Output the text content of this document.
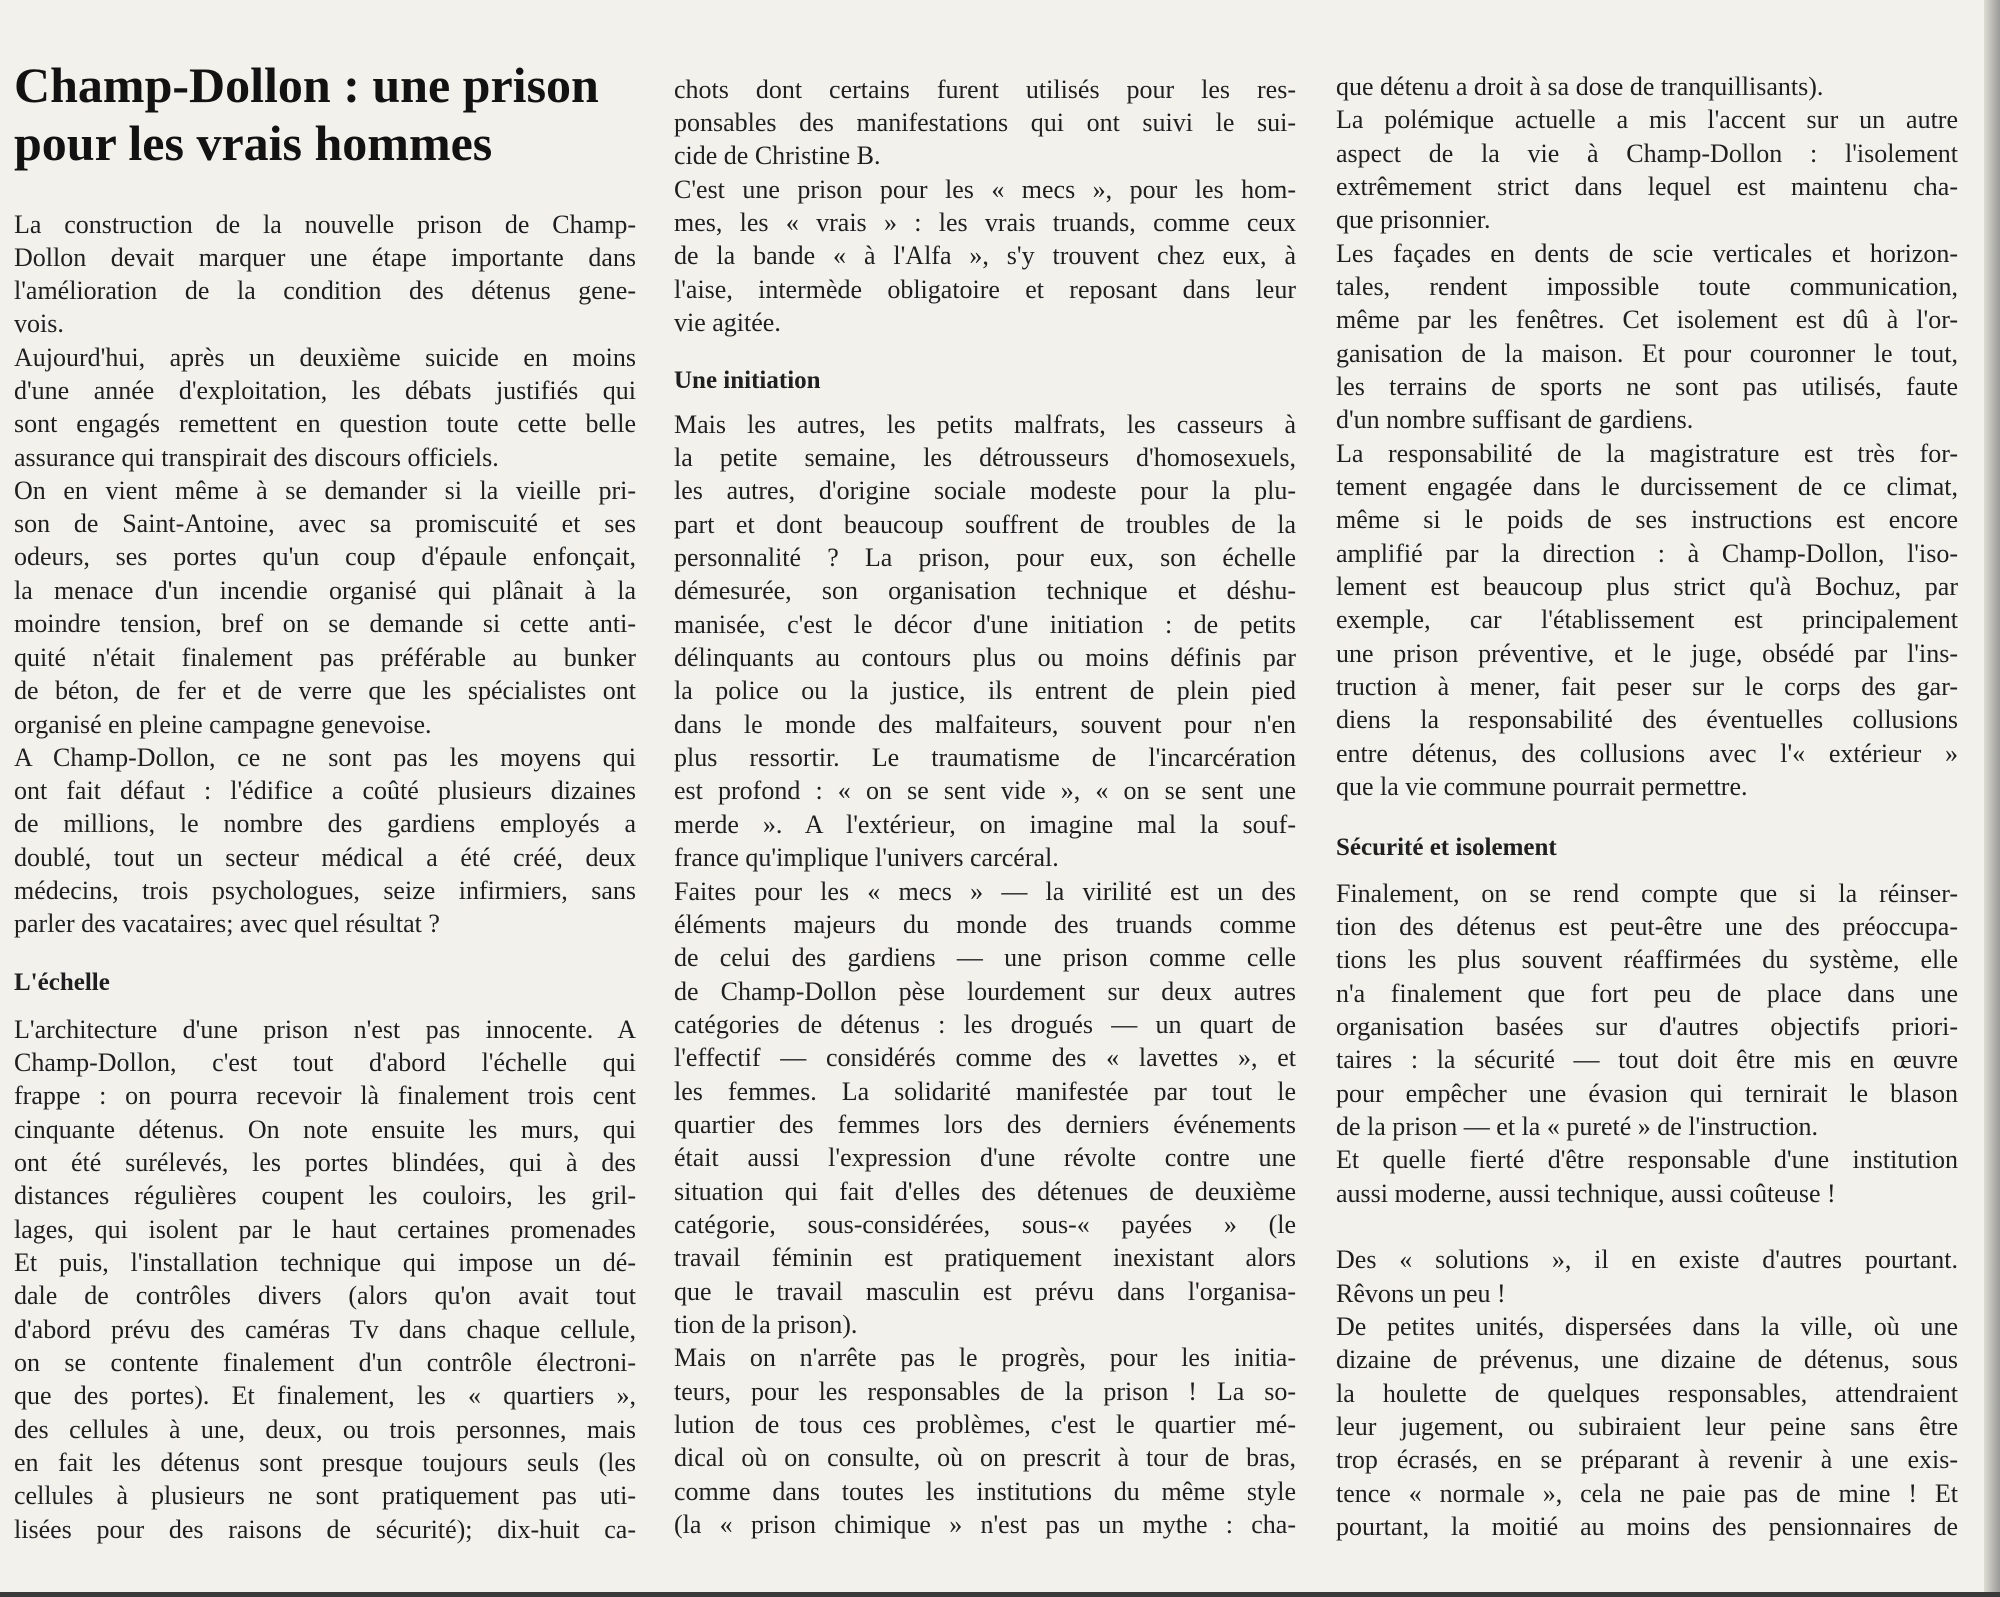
Champ-Dollon : une prison
pour les vrais hommes
La construction de la nouvelle prison de Champ-
Dollon devait marquer une étape importante dans
l'amélioration de la condition des détenus gene-
vois.
Aujourd'hui, après un deuxième suicide en moins
d'une année d'exploitation, les débats justifiés qui
sont engagés remettent en question toute cette belle
assurance qui transpirait des discours officiels.
On en vient même à se demander si la vieille pri-
son de Saint-Antoine, avec sa promiscuité et ses
odeurs, ses portes qu'un coup d'épaule enfonçait,
la menace d'un incendie organisé qui plânait à la
moindre tension, bref on se demande si cette anti-
quité n'était finalement pas préférable au bunker
de béton, de fer et de verre que les spécialistes ont
organisé en pleine campagne genevoise.
A Champ-Dollon, ce ne sont pas les moyens qui
ont fait défaut : l'édifice a coûté plusieurs dizaines
de millions, le nombre des gardiens employés a
doublé, tout un secteur médical a été créé, deux
médecins, trois psychologues, seize infirmiers, sans
parler des vacataires; avec quel résultat ?
L'échelle
L'architecture d'une prison n'est pas innocente. A
Champ-Dollon, c'est tout d'abord l'échelle qui
frappe : on pourra recevoir là finalement trois cent
cinquante détenus. On note ensuite les murs, qui
ont été surélevés, les portes blindées, qui à des
distances régulières coupent les couloirs, les gril-
lages, qui isolent par le haut certaines promenades
Et puis, l'installation technique qui impose un dé-
dale de contrôles divers (alors qu'on avait tout
d'abord prévu des caméras Tv dans chaque cellule,
on se contente finalement d'un contrôle électroni-
que des portes). Et finalement, les « quartiers »,
des cellules à une, deux, ou trois personnes, mais
en fait les détenus sont presque toujours seuls (les
cellules à plusieurs ne sont pratiquement pas uti-
lisées pour des raisons de sécurité); dix-huit ca-
chots dont certains furent utilisés pour les res-
ponsables des manifestations qui ont suivi le sui-
cide de Christine B.
C'est une prison pour les « mecs », pour les hom-
mes, les « vrais » : les vrais truands, comme ceux
de la bande « à l'Alfa », s'y trouvent chez eux, à
l'aise, intermède obligatoire et reposant dans leur
vie agitée.
Une initiation
Mais les autres, les petits malfrats, les casseurs à
la petite semaine, les détrousseurs d'homosexuels,
les autres, d'origine sociale modeste pour la plu-
part et dont beaucoup souffrent de troubles de la
personnalité ? La prison, pour eux, son échelle
démesurée, son organisation technique et déshu-
manisée, c'est le décor d'une initiation : de petits
délinquants au contours plus ou moins définis par
la police ou la justice, ils entrent de plein pied
dans le monde des malfaiteurs, souvent pour n'en
plus ressortir. Le traumatisme de l'incarcération
est profond : « on se sent vide », « on se sent une
merde ». A l'extérieur, on imagine mal la souf-
france qu'implique l'univers carcéral.
Faites pour les « mecs » — la virilité est un des
éléments majeurs du monde des truands comme
de celui des gardiens — une prison comme celle
de Champ-Dollon pèse lourdement sur deux autres
catégories de détenus : les drogués — un quart de
l'effectif — considérés comme des « lavettes », et
les femmes. La solidarité manifestée par tout le
quartier des femmes lors des derniers événements
était aussi l'expression d'une révolte contre une
situation qui fait d'elles des détenues de deuxième
catégorie, sous-considérées, sous-« payées » (le
travail féminin est pratiquement inexistant alors
que le travail masculin est prévu dans l'organisa-
tion de la prison).
Mais on n'arrête pas le progrès, pour les initia-
teurs, pour les responsables de la prison ! La so-
lution de tous ces problèmes, c'est le quartier mé-
dical où on consulte, où on prescrit à tour de bras,
comme dans toutes les institutions du même style
(la « prison chimique » n'est pas un mythe : cha-
que détenu a droit à sa dose de tranquillisants).
La polémique actuelle a mis l'accent sur un autre
aspect de la vie à Champ-Dollon : l'isolement
extrêmement strict dans lequel est maintenu cha-
que prisonnier.
Les façades en dents de scie verticales et horizon-
tales, rendent impossible toute communication,
même par les fenêtres. Cet isolement est dû à l'or-
ganisation de la maison. Et pour couronner le tout,
les terrains de sports ne sont pas utilisés, faute
d'un nombre suffisant de gardiens.
La responsabilité de la magistrature est très for-
tement engagée dans le durcissement de ce climat,
même si le poids de ses instructions est encore
amplifié par la direction : à Champ-Dollon, l'iso-
lement est beaucoup plus strict qu'à Bochuz, par
exemple, car l'établissement est principalement
une prison préventive, et le juge, obsédé par l'ins-
truction à mener, fait peser sur le corps des gar-
diens la responsabilité des éventuelles collusions
entre détenus, des collusions avec l'« extérieur »
que la vie commune pourrait permettre.
Sécurité et isolement
Finalement, on se rend compte que si la réinser-
tion des détenus est peut-être une des préoccupa-
tions les plus souvent réaffirmées du système, elle
n'a finalement que fort peu de place dans une
organisation basées sur d'autres objectifs priori-
taires : la sécurité — tout doit être mis en œuvre
pour empêcher une évasion qui ternirait le blason
de la prison — et la « pureté » de l'instruction.
Et quelle fierté d'être responsable d'une institution
aussi moderne, aussi technique, aussi coûteuse !
Des « solutions », il en existe d'autres pourtant.
Rêvons un peu !
De petites unités, dispersées dans la ville, où une
dizaine de prévenus, une dizaine de détenus, sous
la houlette de quelques responsables, attendraient
leur jugement, ou subiraient leur peine sans être
trop écrasés, en se préparant à revenir à une exis-
tence « normale », cela ne paie pas de mine ! Et
pourtant, la moitié au moins des pensionnaires de
